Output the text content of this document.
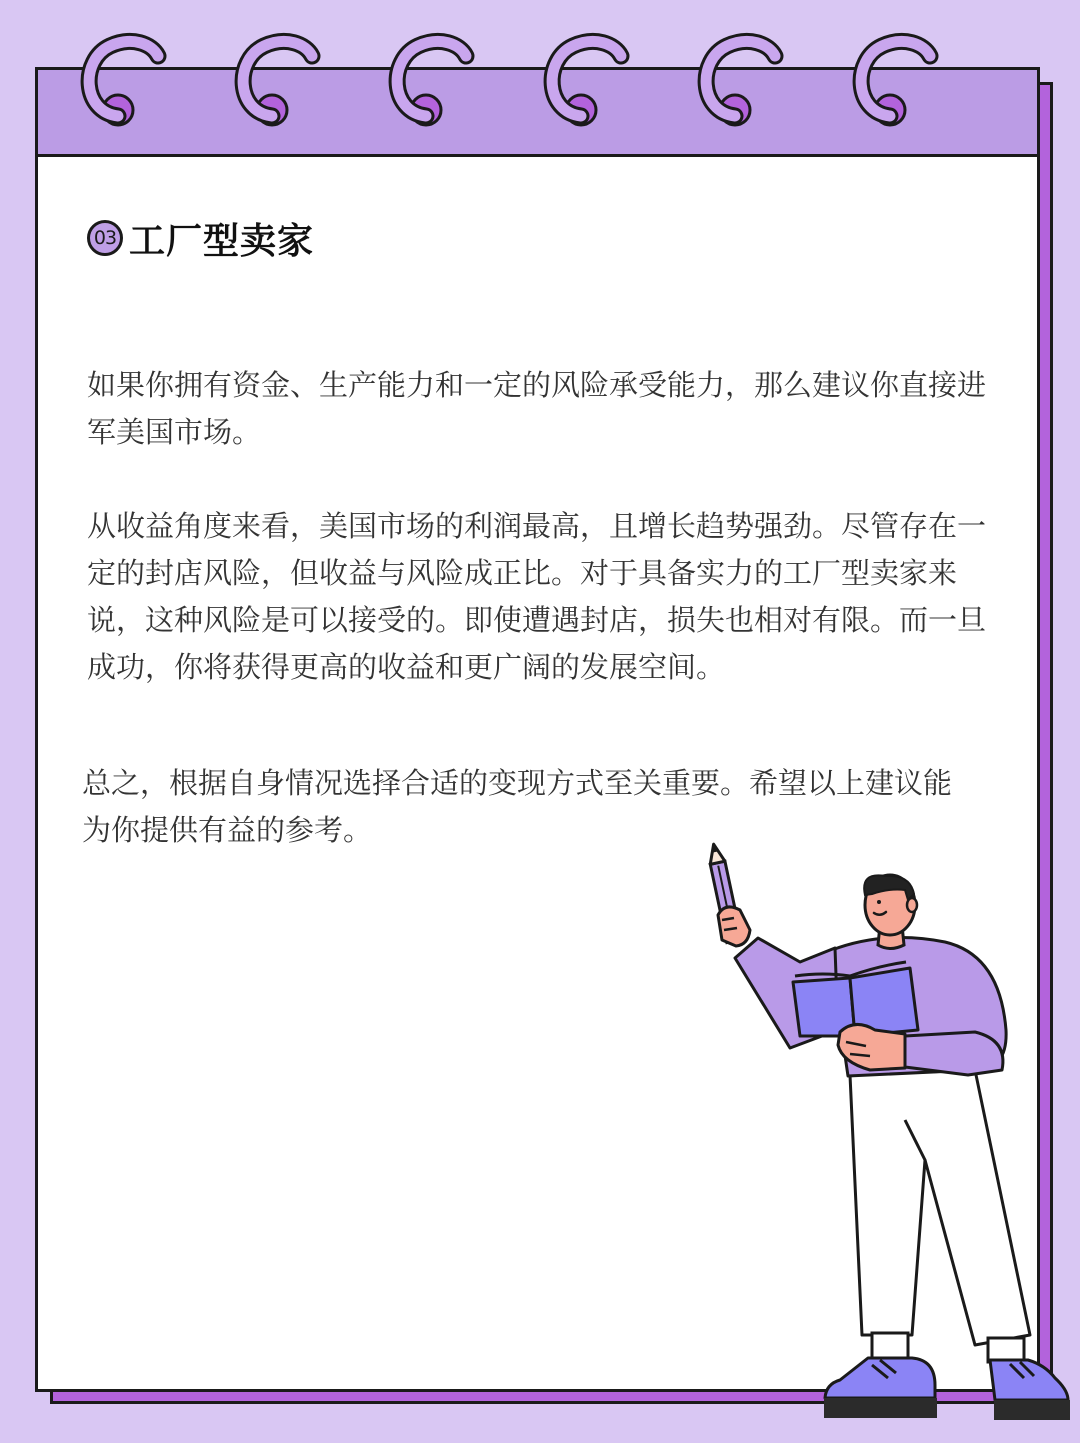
03 工厂型卖家

如果你拥有资金、生产能力和一定的风险承受能力，那么建议你直接进军美国市场。

从收益角度来看，美国市场的利润最高，且增长趋势强劲。尽管存在一定的封店风险，但收益与风险成正比。对于具备实力的工厂型卖家来说，这种风险是可以接受的。即使遭遇封店，损失也相对有限。而一旦成功，你将获得更高的收益和更广阔的发展空间。

总之，根据自身情况选择合适的变现方式至关重要。希望以上建议能为你提供有益的参考。
